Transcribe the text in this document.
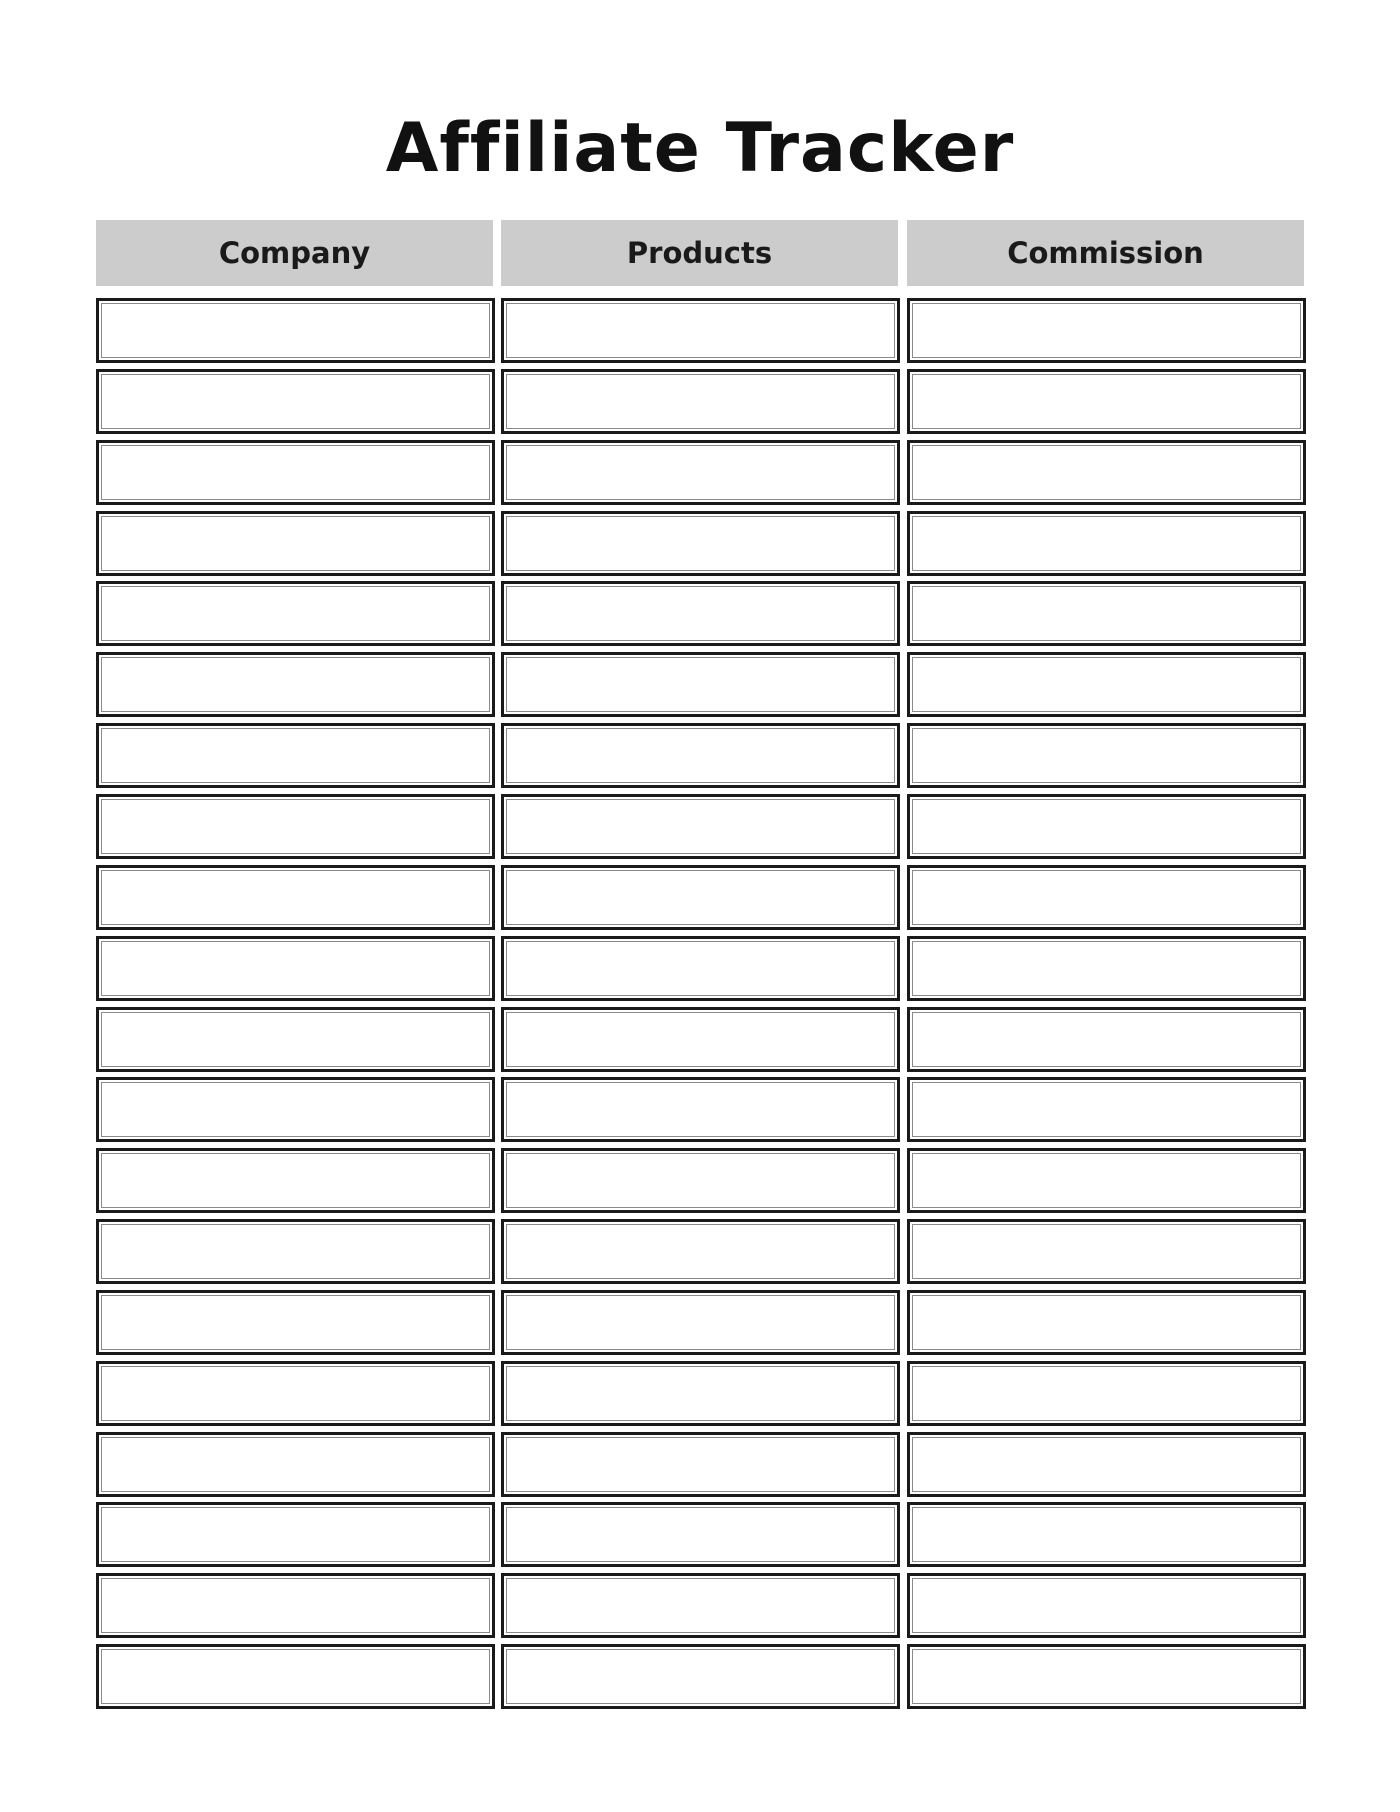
Affiliate Tracker
Company	Products	Commission
